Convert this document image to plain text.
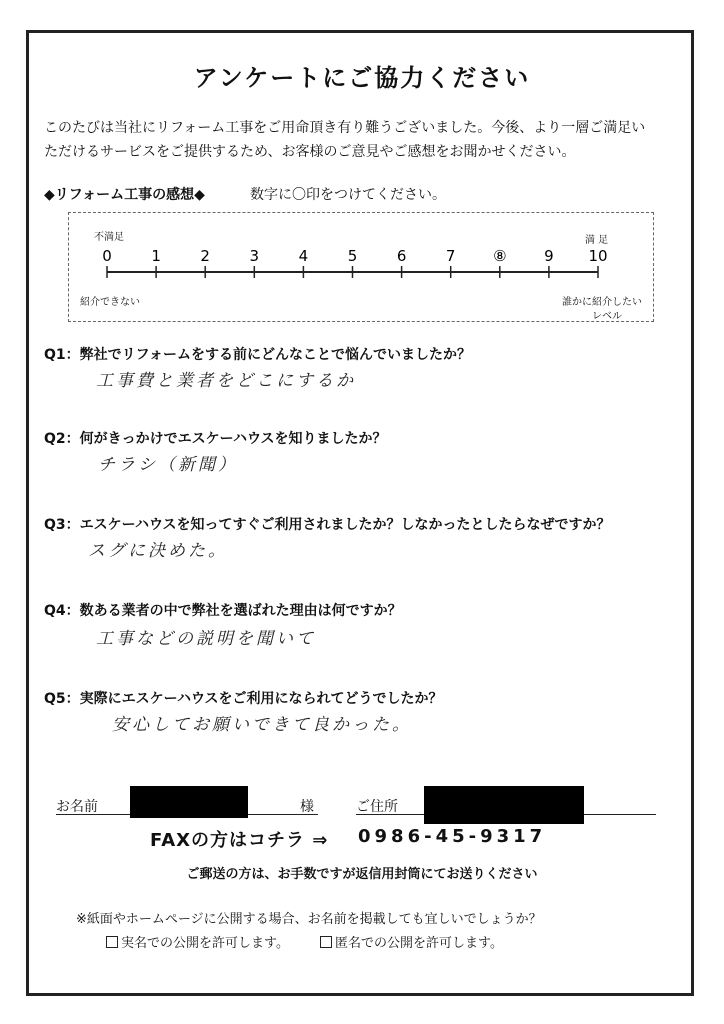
アンケートにご協力ください
このたびは当社にリフォーム工事をご用命頂き有り難うございました。今後、より一層ご満足い
ただけるサービスをご提供するため、お客様のご意見やご感想をお聞かせください。
◆リフォーム工事の感想◆	数字に〇印をつけてください。
0	1	2	3	4	5	6	7	⑧	9 10
不満足
紹介できない
満 足
誰かに紹介したい
レベル
Q1：弊社でリフォームをする前にどんなことで悩んでいましたか？
工事費と業者をどこにするか
Q2：何がきっかけでエスケーハウスを知りましたか？
チラシ（新聞）
Q3：エスケーハウスを知ってすぐご利用されましたか？しなかったとしたらなぜですか？
スグに決めた。
Q4：数ある業者の中で弊社を選ばれた理由は何ですか？
工事などの説明を聞いて
Q5：実際にエスケーハウスをご利用になられてどうでしたか？
安心してお願いできて良かった。
お名前	様	ご住所
FAXの方はコチラ ⇒ 0986-45-9317
ご郵送の方は、お手数ですが返信用封筒にてお送りください
※紙面やホームページに公開する場合、お名前を掲載しても宜しいでしょうか？
実名での公開を許可します。	匿名での公開を許可します。
